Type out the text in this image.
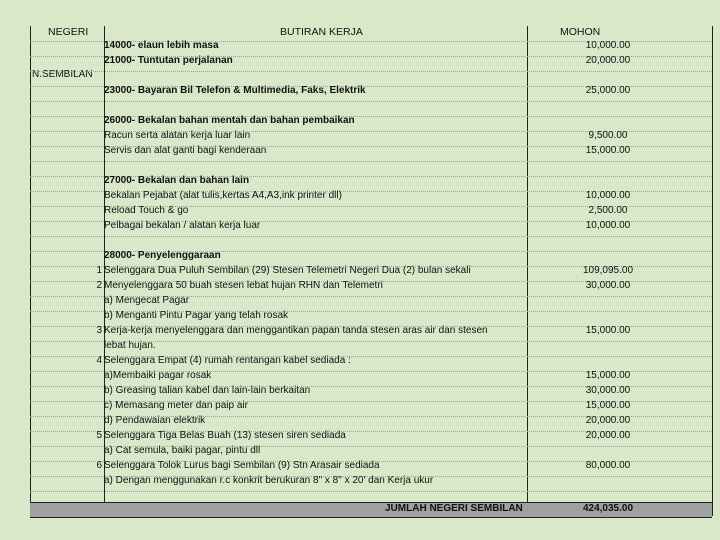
NEGERI	BUTIRAN KERJA	MOHON
N.SEMBILAN
14000- elaun lebih masa	10,000.00
21000- Tuntutan perjalanan	20,000.00
23000- Bayaran Bil Telefon & Multimedia, Faks, Elektrik	25,000.00
26000- Bekalan bahan mentah dan bahan pembaikan
Racun serta alatan kerja luar lain	9,500.00
Servis dan alat ganti bagi kenderaan	15,000.00
27000- Bekalan dan bahan lain
Bekalan Pejabat (alat tulis,kertas A4,A3,ink printer dll)	10,000.00
Reload Touch & go	2,500.00
Pelbagai bekalan / alatan kerja luar	10,000.00
28000- Penyelenggaraan
1 Selenggara Dua Puluh Sembilan (29) Stesen Telemetri Negeri Dua (2) bulan sekali	109,095.00
2 Menyelenggara 50 buah stesen lebat hujan RHN dan Telemetri	30,000.00
a) Mengecat Pagar
b) Menganti Pintu Pagar yang telah rosak
3 Kerja-kerja menyelenggara dan menggantikan papan tanda stesen aras air dan stesen	15,000.00
lebat hujan.
4 Selenggara Empat (4) rumah rentangan kabel sediada :
a)Membaiki pagar rosak	15,000.00
b) Greasing talian kabel dan lain-lain berkaitan	30,000.00
c) Memasang meter dan paip air	15,000.00
d) Pendawaian elektrik	20,000.00
5 Selenggara Tiga Belas Buah (13) stesen siren sediada	20,000.00
a) Cat semula, baiki pagar, pintu dll
6 Selenggara Tolok Lurus bagi Sembilan (9) Stn Arasair sediada	80,000.00
a) Dengan menggunakan r.c konkrit berukuran 8" x 8" x 20' dan Kerja ukur
JUMLAH NEGERI SEMBILAN	424,035.00
